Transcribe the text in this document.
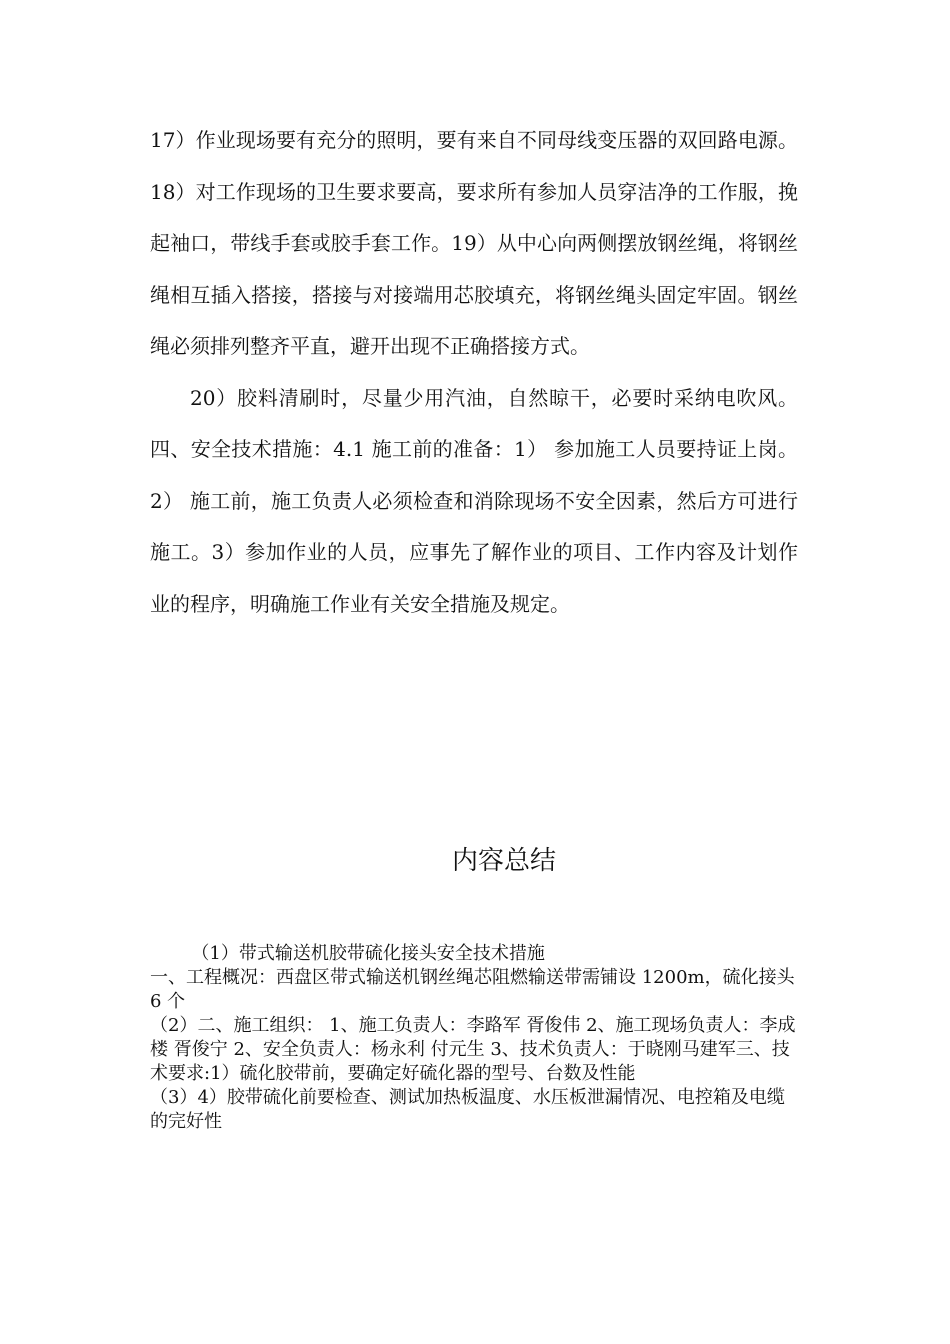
17）作业现场要有充分的照明，要有来自不同母线变压器的双回路电源。18）对工作现场的卫生要求要高，要求所有参加人员穿洁净的工作服，挽起袖口，带线手套或胶手套工作。19）从中心向两侧摆放钢丝绳，将钢丝绳相互插入搭接，搭接与对接端用芯胶填充，将钢丝绳头固定牢固。钢丝绳必须排列整齐平直，避开出现不正确搭接方式。

20）胶料清刷时，尽量少用汽油，自然晾干，必要时采纳电吹风。四、安全技术措施：4.1 施工前的准备：1） 参加施工人员要持证上岗。2） 施工前，施工负责人必须检查和消除现场不安全因素，然后方可进行施工。3）参加作业的人员，应事先了解作业的项目、工作内容及计划作业的程序，明确施工作业有关安全措施及规定。

内容总结

（1）带式输送机胶带硫化接头安全技术措施

一、工程概况：西盘区带式输送机钢丝绳芯阻燃输送带需铺设 1200m，硫化接头 6 个

（2）二、施工组织： 1、施工负责人：李路军 胥俊伟 2、施工现场负责人：李成楼 胥俊宁 2、安全负责人：杨永利 付元生 3、技术负责人：于晓刚马建军三、技术要求:1）硫化胶带前，要确定好硫化器的型号、台数及性能

（3）4）胶带硫化前要检查、测试加热板温度、水压板泄漏情况、电控箱及电缆的完好性
